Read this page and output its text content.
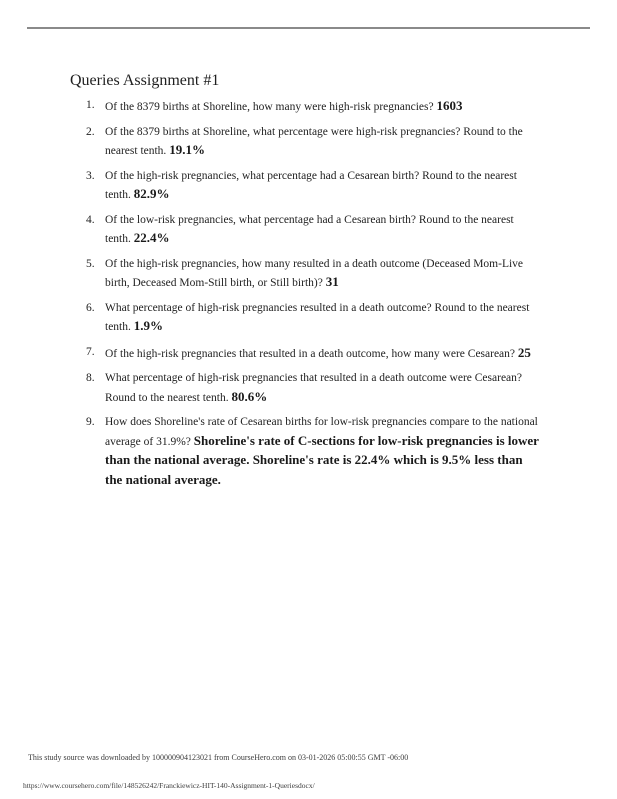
Queries Assignment #1
1. Of the 8379 births at Shoreline, how many were high-risk pregnancies? 1603
2. Of the 8379 births at Shoreline, what percentage were high-risk pregnancies? Round to the nearest tenth. 19.1%
3. Of the high-risk pregnancies, what percentage had a Cesarean birth? Round to the nearest tenth. 82.9%
4. Of the low-risk pregnancies, what percentage had a Cesarean birth? Round to the nearest tenth. 22.4%
5. Of the high-risk pregnancies, how many resulted in a death outcome (Deceased Mom-Live birth, Deceased Mom-Still birth, or Still birth)? 31
6. What percentage of high-risk pregnancies resulted in a death outcome? Round to the nearest tenth. 1.9%
7. Of the high-risk pregnancies that resulted in a death outcome, how many were Cesarean? 25
8. What percentage of high-risk pregnancies that resulted in a death outcome were Cesarean? Round to the nearest tenth. 80.6%
9. How does Shoreline's rate of Cesarean births for low-risk pregnancies compare to the national average of 31.9%? Shoreline's rate of C-sections for low-risk pregnancies is lower than the national average. Shoreline's rate is 22.4% which is 9.5% less than the national average.
This study source was downloaded by 100000904123021 from CourseHero.com on 03-01-2026 05:00:55 GMT -06:00
https://www.coursehero.com/file/148526242/Franckiewicz-HIT-140-Assignment-1-Queriesdocx/
